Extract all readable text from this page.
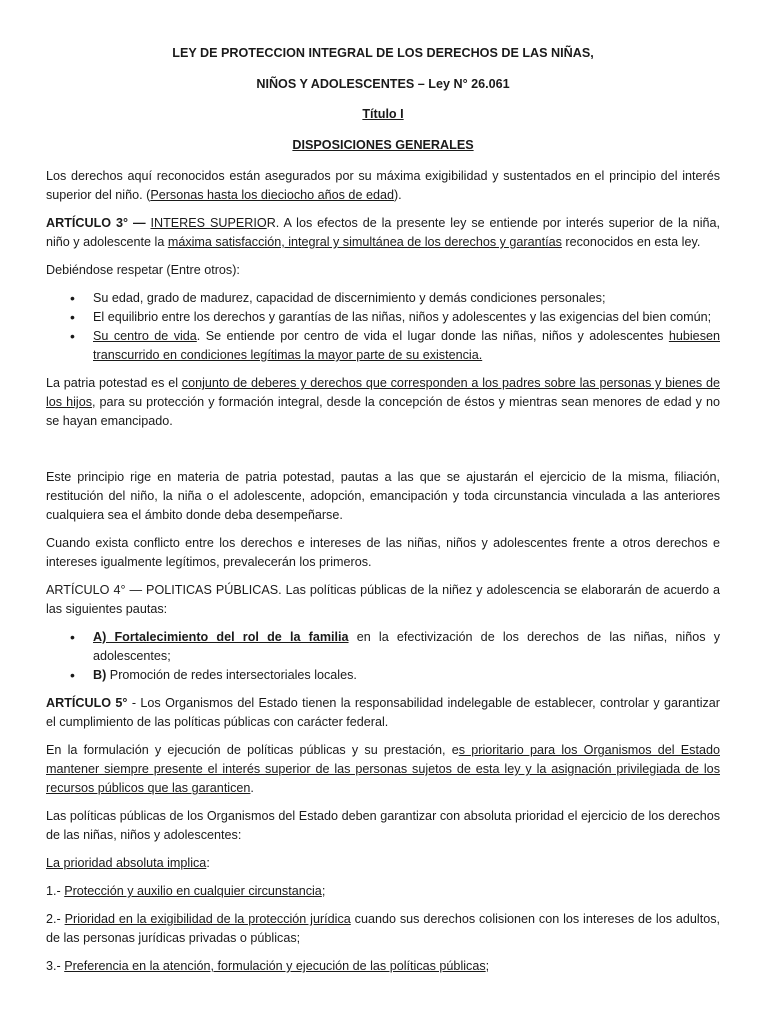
LEY DE PROTECCION INTEGRAL DE LOS DERECHOS DE LAS NIÑAS,
NIÑOS Y ADOLESCENTES – Ley N° 26.061
Título I
DISPOSICIONES GENERALES

Los derechos aquí reconocidos están asegurados por su máxima exigibilidad y sustentados en el principio del interés superior del niño. (Personas hasta los dieciocho años de edad).

ARTÍCULO 3° — INTERES SUPERIOR. A los efectos de la presente ley se entiende por interés superior de la niña, niño y adolescente la máxima satisfacción, integral y simultánea de los derechos y garantías reconocidos en esta ley.

Debiéndose respetar (Entre otros):

• Su edad, grado de madurez, capacidad de discernimiento y demás condiciones personales;
• El equilibrio entre los derechos y garantías de las niñas, niños y adolescentes y las exigencias del bien común;
• Su centro de vida. Se entiende por centro de vida el lugar donde las niñas, niños y adolescentes hubiesen transcurrido en condiciones legítimas la mayor parte de su existencia.

La patria potestad es el conjunto de deberes y derechos que corresponden a los padres sobre las personas y bienes de los hijos, para su protección y formación integral, desde la concepción de éstos y mientras sean menores de edad y no se hayan emancipado.

Este principio rige en materia de patria potestad, pautas a las que se ajustarán el ejercicio de la misma, filiación, restitución del niño, la niña o el adolescente, adopción, emancipación y toda circunstancia vinculada a las anteriores cualquiera sea el ámbito donde deba desempeñarse.

Cuando exista conflicto entre los derechos e intereses de las niñas, niños y adolescentes frente a otros derechos e intereses igualmente legítimos, prevalecerán los primeros.

ARTÍCULO 4° — POLITICAS PÚBLICAS. Las políticas públicas de la niñez y adolescencia se elaborarán de acuerdo a las siguientes pautas:

• A) Fortalecimiento del rol de la familia en la efectivización de los derechos de las niñas, niños y adolescentes;
• B) Promoción de redes intersectoriales locales.

ARTÍCULO 5° - Los Organismos del Estado tienen la responsabilidad indelegable de establecer, controlar y garantizar el cumplimiento de las políticas públicas con carácter federal.

En la formulación y ejecución de políticas públicas y su prestación, es prioritario para los Organismos del Estado mantener siempre presente el interés superior de las personas sujetos de esta ley y la asignación privilegiada de los recursos públicos que las garanticen.

Las políticas públicas de los Organismos del Estado deben garantizar con absoluta prioridad el ejercicio de los derechos de las niñas, niños y adolescentes:

La prioridad absoluta implica:

1.- Protección y auxilio en cualquier circunstancia;

2.- Prioridad en la exigibilidad de la protección jurídica cuando sus derechos colisionen con los intereses de los adultos, de las personas jurídicas privadas o públicas;

3.- Preferencia en la atención, formulación y ejecución de las políticas públicas;
